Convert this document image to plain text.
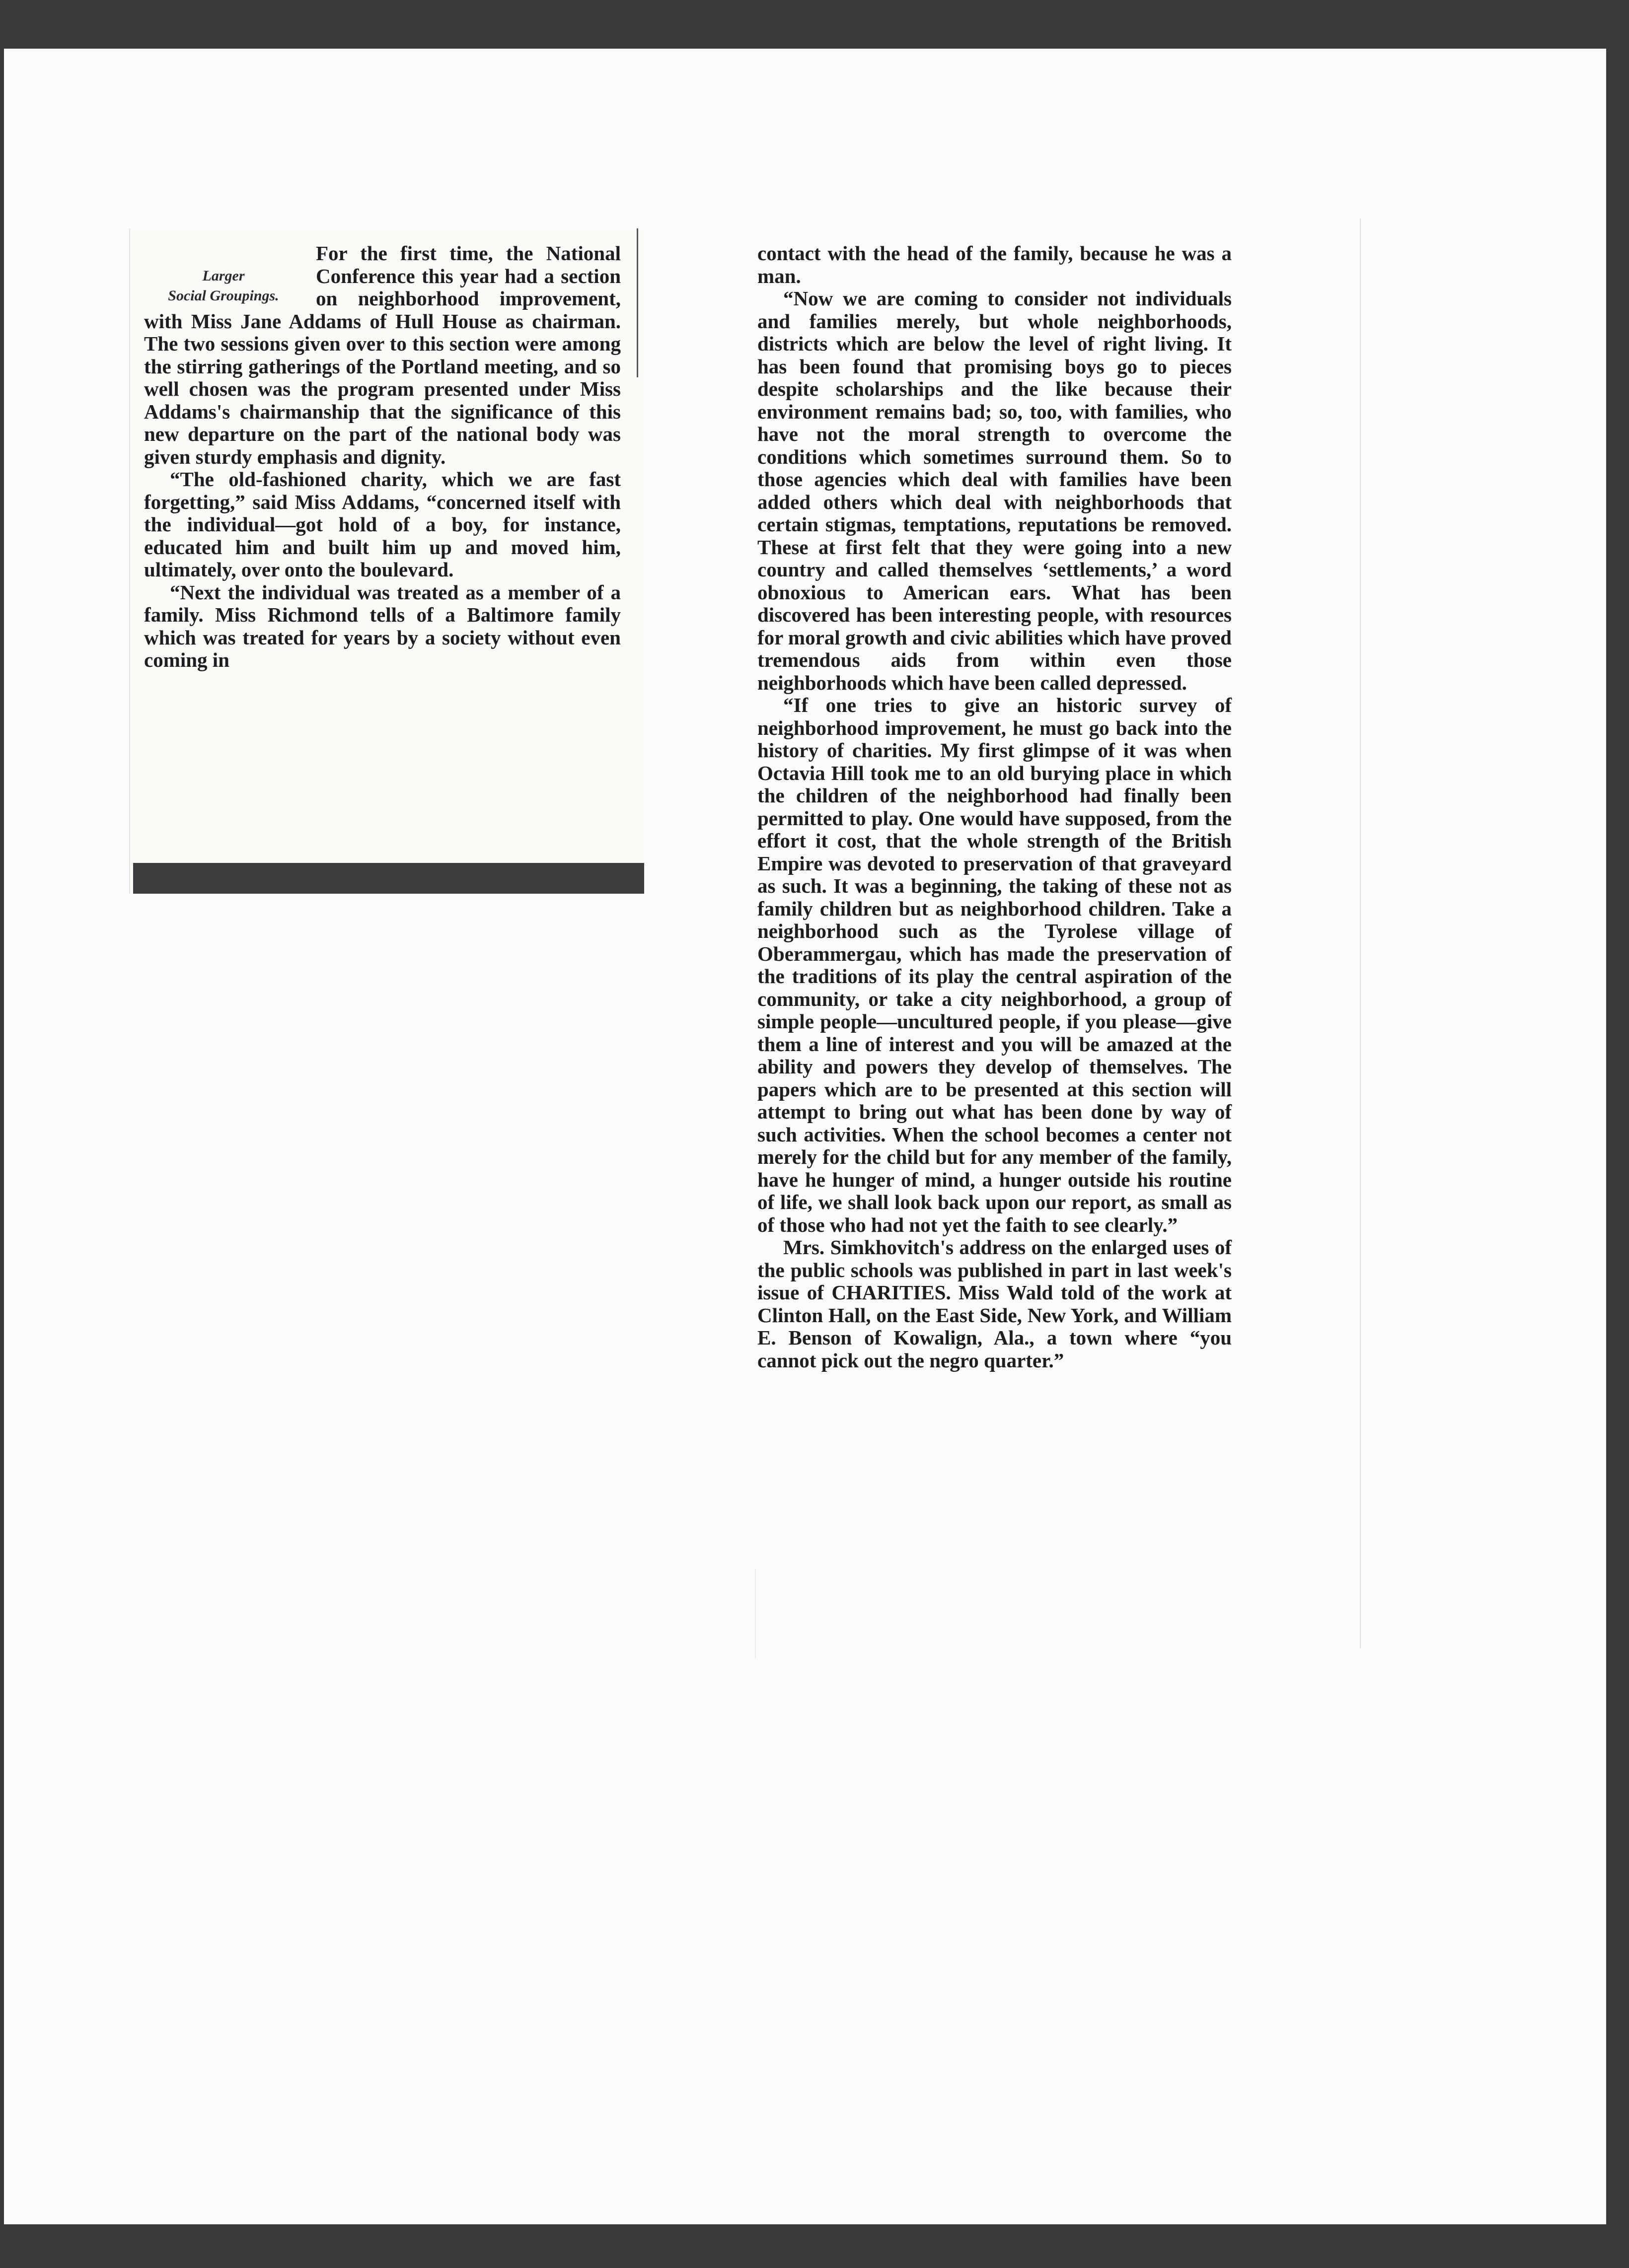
Larger
Social Groupings.

For the first time, the National Conference this year had a section on neighborhood improvement, with Miss Jane Addams of Hull House as chairman. The two sessions given over to this section were among the stirring gatherings of the Portland meeting, and so well chosen was the program presented under Miss Addams's chairmanship that the significance of this new departure on the part of the national body was given sturdy emphasis and dignity.

“The old-fashioned charity, which we are fast forgetting,” said Miss Addams, “concerned itself with the individual—got hold of a boy, for instance, educated him and built him up and moved him, ultimately, over onto the boulevard.

“Next the individual was treated as a member of a family. Miss Richmond tells of a Baltimore family which was treated for years by a society without even coming in

contact with the head of the family, because he was a man.

“Now we are coming to consider not individuals and families merely, but whole neighborhoods, districts which are below the level of right living. It has been found that promising boys go to pieces despite scholarships and the like because their environment remains bad; so, too, with families, who have not the moral strength to overcome the conditions which sometimes surround them. So to those agencies which deal with families have been added others which deal with neighborhoods that certain stigmas, temptations, reputations be removed. These at first felt that they were going into a new country and called themselves ‘settlements,’ a word obnoxious to American ears. What has been discovered has been interesting people, with resources for moral growth and civic abilities which have proved tremendous aids from within even those neighborhoods which have been called depressed.

“If one tries to give an historic survey of neighborhood improvement, he must go back into the history of charities. My first glimpse of it was when Octavia Hill took me to an old burying place in which the children of the neighborhood had finally been permitted to play. One would have supposed, from the effort it cost, that the whole strength of the British Empire was devoted to preservation of that graveyard as such. It was a beginning, the taking of these not as family children but as neighborhood children. Take a neighborhood such as the Tyrolese village of Oberammergau, which has made the preservation of the traditions of its play the central aspiration of the community, or take a city neighborhood, a group of simple people—uncultured people, if you please—give them a line of interest and you will be amazed at the ability and powers they develop of themselves. The papers which are to be presented at this section will attempt to bring out what has been done by way of such activities. When the school becomes a center not merely for the child but for any member of the family, have he hunger of mind, a hunger outside his routine of life, we shall look back upon our report, as small as of those who had not yet the faith to see clearly.”

Mrs. Simkhovitch's address on the enlarged uses of the public schools was published in part in last week's issue of CHARITIES. Miss Wald told of the work at Clinton Hall, on the East Side, New York, and William E. Benson of Kowalign, Ala., a town where “you cannot pick out the negro quarter.”
